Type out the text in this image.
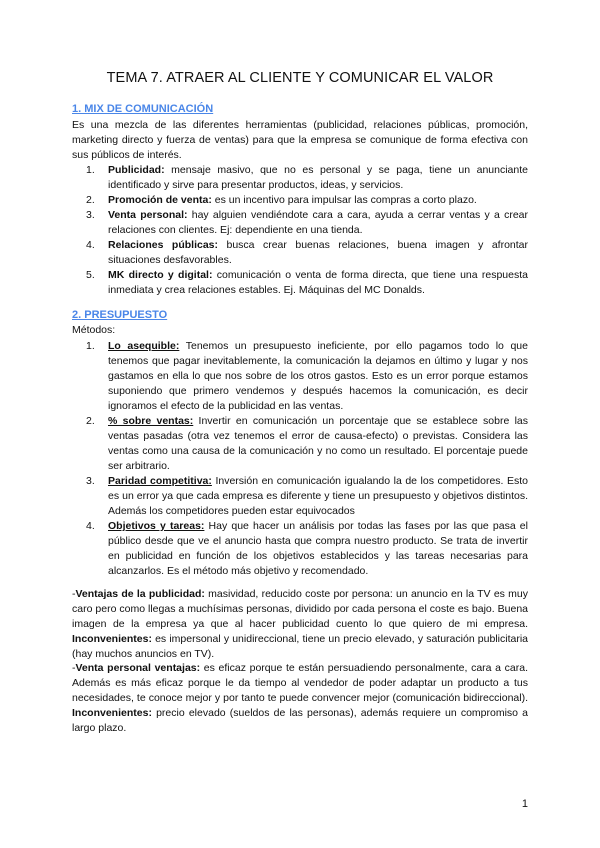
TEMA 7. ATRAER AL CLIENTE Y COMUNICAR EL VALOR
1. MIX DE COMUNICACIÓN

Es una mezcla de las diferentes herramientas (publicidad, relaciones públicas, promoción, marketing directo y fuerza de ventas) para que la empresa se comunique de forma efectiva con sus públicos de interés.

1. Publicidad: mensaje masivo, que no es personal y se paga, tiene un anunciante identificado y sirve para presentar productos, ideas, y servicios.
2. Promoción de venta: es un incentivo para impulsar las compras a corto plazo.
3. Venta personal: hay alguien vendiéndote cara a cara, ayuda a cerrar ventas y a crear relaciones con clientes. Ej: dependiente en una tienda.
4. Relaciones públicas: busca crear buenas relaciones, buena imagen y afrontar situaciones desfavorables.
5. MK directo y digital: comunicación o venta de forma directa, que tiene una respuesta inmediata y crea relaciones estables. Ej. Máquinas del MC Donalds.
2. PRESUPUESTO
Métodos:
1. Lo asequible: Tenemos un presupuesto ineficiente, por ello pagamos todo lo que tenemos que pagar inevitablemente, la comunicación la dejamos en último y lugar y nos gastamos en ella lo que nos sobre de los otros gastos. Esto es un error porque estamos suponiendo que primero vendemos y después hacemos la comunicación, es decir ignoramos el efecto de la publicidad en las ventas.
2. % sobre ventas: Invertir en comunicación un porcentaje que se establece sobre las ventas pasadas (otra vez tenemos el error de causa-efecto) o previstas. Considera las ventas como una causa de la comunicación y no como un resultado. El porcentaje puede ser arbitrario.
3. Paridad competitiva: Inversión en comunicación igualando la de los competidores. Esto es un error ya que cada empresa es diferente y tiene un presupuesto y objetivos distintos. Además los competidores pueden estar equivocados
4. Objetivos y tareas: Hay que hacer un análisis por todas las fases por las que pasa el público desde que ve el anuncio hasta que compra nuestro producto. Se trata de invertir en publicidad en función de los objetivos establecidos y las tareas necesarias para alcanzarlos. Es el método más objetivo y recomendado.

-Ventajas de la publicidad: masividad, reducido coste por persona: un anuncio en la TV es muy caro pero como llegas a muchísimas personas, dividido por cada persona el coste es bajo. Buena imagen de la empresa ya que al hacer publicidad cuento lo que quiero de mi empresa. Inconvenientes: es impersonal y unidireccional, tiene un precio elevado, y saturación publicitaria (hay muchos anuncios en TV).

-Venta personal ventajas: es eficaz porque te están persuadiendo personalmente, cara a cara. Además es más eficaz porque le da tiempo al vendedor de poder adaptar un producto a tus necesidades, te conoce mejor y por tanto te puede convencer mejor (comunicación bidireccional). Inconvenientes: precio elevado (sueldos de las personas), además requiere un compromiso a largo plazo.

1
